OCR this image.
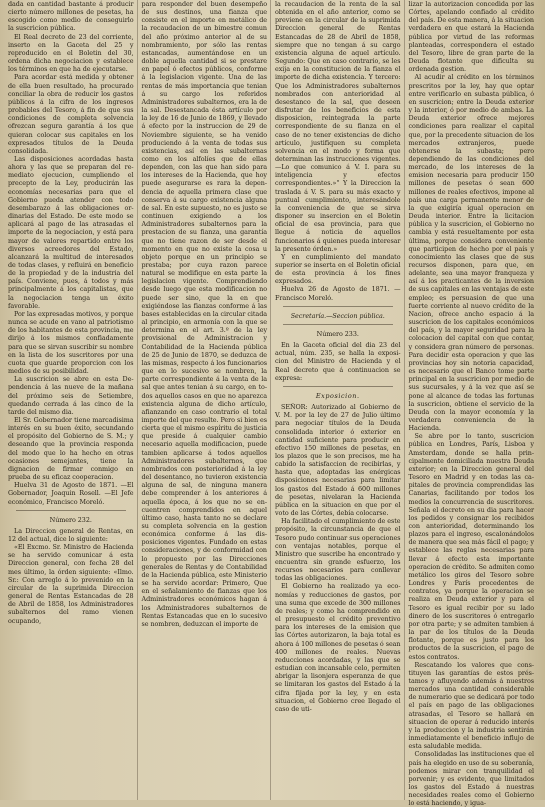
dada en cantidad bastante á producir cierto número millones de pesetas, ha escogido como medio de conseguirlo la suscricion pública.

El Real decreto de 23 del corriente, inserto en la Gaceta del 25 y reproducido en el Boletin del 30, ordena dicha negociacion y establece los términos en que ha de ejecutarse.

Para acordar está medida y obtener de ella buen resultado, ha procurado conciliar la obra de reducir los gastos públicos á la cifra de los ingresos probables del Tesoro, á fin de que sus condiciones de completa solvencia ofrezcan segura garantía á los que quieran colocar sus capitales en los expresados títulos de la Deuda consolidada.

Las disposiciones acordadas hasta ahora y las que se preparan del remediato ejecucion, cumpliendo el precepto de la Ley, producirán las economías necesarias para que el Gobierno pueda atender con todo desembarazo á las obligaciones ordinarias del Estado. De este modo se aplicará al pago de las atrasadas el importe de la negociacion, y está para mayor de valores repartido entre los diversos acreedores del Estado, alcanzará la multitud de interesados de todas clases, y refluirá en beneficio de la propiedad y de la industria del país. Conviene, pues, á todos y más principalmente á los capitalistas, que la negociacion tenga un éxito favorable.

Por las expresadas motivos, y porque nunca se acude en vano al patriotismo de los habitantes de esta provincia, me dirijo á los mismos confiadamente para que se sirvan suscribir su nombre en la lista de los suscritores por una cuota que guarde proporcion con los medios de su posibilidad.

La suscricion se abre en esta Dependencia á las nueve de la mañana del próximo seis de Setiembre, quedando cerrada á las cinco de la tarde del mismo dia.

El Sr. Gobernador tiene marcadisima interés en su buen éxito, secundando el propósito del Gobierno de S. M.; y deseando que la provincia responda del modo que lo ha hecho en otras ocasiones semejantes, tiene la dignacion de firmar conmigo en prueba de su eficaz cooperacion.

Huelva 31 de Agosto de 1871. —El Gobernador, Joaquin Rosell. —El Jefe económico, Francisco Moreló.

Número 232.

La Direccion general de Rentas, en 12 del actual, dice lo siguiente:

«El Excmo. Sr. Ministro de Hacienda se ha servido comunicar á esta Direccion general, con fecha 28 del mes último, la órden siguiente: «Ilmo. Sr.: Con arreglo á lo prevenido en la circular de la suprimida Direccion general de Rentas Estancadas de 28 de Abril de 1858, los Administradores subalternos del ramo vienen ocupando,

para responder del buen desempeño de sus destinos, una fianza que consiste en el importe en metálico de la recaudacion de un bimestre comun del año próximo anterior al de su nombramiento, por sólo las rentas estancadas, aumentándose en un doble aquella cantidad si se prestare en papel ó efectos públicos, conforme á la legislacion vigente. Una de las rentas de más importancia que tenian á su cargo los referidos Administradores subalternos, era la de la sal. Desestancada ésta artículo por la ley de 16 de Junio de 1869, y llevado á efecto por la instruccion de 29 de Noviembre siguiente, se ha venido produciendo á la venta de todas sus existencias, así en las subalternas como en los alfolíes que de ellas dependen, con las que han sido para los intereses de la Hacienda, que hoy puede asegurarse es rara la dependencia de aquella primera clase que conserva á su cargo existencia alguna de sal. En este supuesto, no es justo se continuen exigiendo a los Administradores subalternos para la prestacion de su fianza, una garantía que no tiene razon de ser desde el momento en que no existe la cosa u objeto porque en un principio se prestaba; por cuya razon parece natural se modifique en esta parte la legislacion vigente. Comprendiendo desde luego que esta modificacion no puede ser sino, que la en que exigiéndose las fianzas conforme á las bases establecidas en la circular citada al principio, en armonía con la que se determina en el art. 3.º de la ley provisional de Administracion y Contabilidad de la Hacienda pública de 25 de Junio de 1870, se deduzca de las mismas, respecto á los funcionarios que en lo sucesivo se nombren, la parte correspondiente á la venta de la sal que antes tenian á su cargo, en todos aquellos casos en que no aparezca existencia alguna de dicho artículo, afianzando en caso contrario el total importe del que resulte. Pero si bien es cierta que el mismo espíritu de justicia que preside á cualquier cambio necesario aquella modificacion, puede tambien aplicarse á todos aquellos Administradores subalternos, que nombrados con posterioridad á la ley del desentanco, no tuvieron existencia alguna de sal, de ninguna manera debe comprender á los anteriores á aquella época, á los que no se encuentren comprendidos en aquel último caso, hasta tanto no se declare su completa solvencia en la gestion económica conforme á las disposiciones vigentes. Fundado en estas consideraciones, y de conformidad con lo propuesto por las Direcciones generales de Rentas y de Contabilidad de la Hacienda pública, este Ministerio se ha servido acordar: Primero, Que en el señalamiento de fianzas que los Administradores económicos hagan á los Administradores subalternos de Rentas Estancadas que en lo sucesivo se nombren, deduzcan el importe de

la recaudacion de la renta de la sal obtenida en el año anterior, como se previene en la circular de la suprimida Direccion general de Rentas Estancadas de 28 de Abril de 1858, siempre que no tengan á su cargo existencia alguna de aquel artículo. Segundo: Que en caso contrario, se les exija en la constitucion de la fianza el importe de dicha existencia. Y tercero: Que los Administradores subalternos nombrados con anterioridad al desestanco de la sal, que deseen disfrutar de los beneficios de esta disposicion, reintegrada la parte correspondiente de su fianza en el caso de no tener existencias de dicho artículo, justifiquen su completa solvencia en el modo y forma que determinan las instrucciones vigentes. —Lo que comunico á V. I. para su inteligencia y efectos correspondientes.»" Y la Direccion la traslada á V. S. para su más exacto y puntual cumplimiento, interesándole la conveniencia de que se sirva disponer su insercion en el Boletin oficial de esa provincia, para que llegue á noticia de aquellos funcionarios á quienes pueda interesar la presente órden.»

Y en cumplimiento del mandato superior se inserta en el Boletin oficial de esta provincia á los fines expresados.

Huelva 26 de Agosto de 1871. —Francisco Moreló.

Secretaría.—Seccion pública.

Número 233.

En la Gaceta oficial del dia 23 del actual, núm. 235, se halla la exposicion del Ministro de Hacienda y el Real decreto que á continuacion se expresa:

Exposicion.

SEÑOR: Autorizado al Gobierno de V. M. por la ley de 27 de Julio último para negociar títulos de la Deuda consolidada interior ó exterior en cantidad suficiente para producir en efectivo 150 millones de pesetas, en los plazos que le son precisos, me ha cabido la satisfaccion de recibirlas, y hasta que, adoptadas las enérgicas disposiciones necesarias para limitar los gastos del Estado á 600 millones de pesetas, nivelaran la Hacienda pública en la situacion en que por el voto de las Córtes, debía colocarse.

Ha facilitado el cumplimiento de este propósito, la circunstancia de que el Tesoro pudo continuar sus operaciones con ventajas notables, porque el Ministro que suscribe ha encontrado y encuentra sin grande esfuerzo, los recursos necesarios para conllevar todas las obligaciones.

El Gobierno ha realizado ya economías y reducciones de gastos, por una suma que excede de 300 millones de reales; y como ha comprendido en el presupuesto el crédito preventivo para los intereses de la emision que las Córtes autorizaron, la baja total es ahora á 100 millones de pesetas ó sean 400 millones de reales. Nuevas reducciones acordadas, y las que se estudian con incansable celo, permiten abrigar la lisonjera esperanza de que se limitaran los gastos del Estado á la cifra fijada por la ley, y en esta situacion, el Gobierno cree llegado el caso de uti-

lizar la autorizacion concedida por las Córtes, apelando confiado al crédito del país. De esta manera, á la situacion verdadera en que estará la Hacienda pública por virtud de las reformas planteadas, correspondera el estado del Tesoro, libre de gran parte de la Deuda flotante que dificulta su ordenada gestion.

Al acudir al crédito en los términos prescritos por la ley, hay que optar entre verificarlo en subasta pública, ó en suscricion; entre la Deuda exterior y la interior, ó por medio de ambas. La Deuda exterior ofrece mejores condiciones para realizar el capital que, por la precedente situacion de los mercados extranjeros, puede obtenerse la subasta; pero dependiendo de las condiciones del mercado, de los intereses de la emision necesaria para producir 150 millones de pesetas ó sean 600 millones de reales efectivos, impone al país una carga permanente menor de la que exigiría igual operacion en Deuda interior. Entre la licitacion pública y la suscricion, el Gobierno no cambia y está resueltamente por esta última, porque considera conveniente que participen de hecho por el país y conocimiento las clases que de sus recursos disponen, para que, en adelante, sea una mayor franqueza y así á los practicantes de la inversion de sus capitales en las ventajas de este empleo; es persuasion de que una fuerte corriente al nuevo crédito de la Nacion, ofrece ancho espacio á la suscricion de los capitales económicos del país, y la mayor seguridad para la colocacion del capital con que contar, y considera gran número de personas. Para decidir esta operacion y que las provincias hoy sin notoria capacidad, es necesario que el Banco tome parte principal en la suscricion por medio de sus sucursales, y á la vez que así se pone al alcance de todas las fortunas la suscricion, obtiene el servicio de la Deuda con la mayor economía y la verdadera conveniencia de la Hacienda.

Se abre por lo tanto, suscricion pública en Londres, París, Lisboa y Amsterdam, donde se halla principalmente domiciliada nuestra Deuda exterior; en la Direccion general del Tesoro en Madrid y en todas las capitales de provincia comprendidas las Canarias, facilitando por todos los medios la concurrencia de suscritores. Señala el decreto en su dia para hacer los pedidos y consignar los recibidos con anterioridad, determinando los plazos para el ingreso, escalonándolos de manera que sea más fácil el pago; y establece las reglas necesarias para llevar á efecto esta importante operacion de crédito. Se admiten como metálico los giros del Tesoro sobre Londres y París procedentes de contratos, ya porque la operacion se realiza en Deuda exterior y para el Tesoro es igual recibir por su lado dinero de los suscritores ó entregarlo por otra parte; y se admiten tambien á la par de los títulos de la Deuda flotante, porque es justo para los productos de la suscricion, el pago de estos contratos.

Rescatando los valores que constituyen las garantías de estos préstamos y afluyendo además á nuestros mercados una cantidad considerable de numerario que se dedicará por todo el país en pago de las obligaciones atrasadas, el Tesoro se hallará en situacion de operar á reducido interés y la produccion y la industria sentirán inmediatamente el beneficio influjo de esta saludable medida.

Consolidadas las instituciones que el país ha elegido en uso de su soberanía, podemos mirar con tranquilidad el porvenir; y es evidente, que limitados los gastos del Estado á nuestras necesidades reales como el Gobierno lo está haciendo, y igua-
